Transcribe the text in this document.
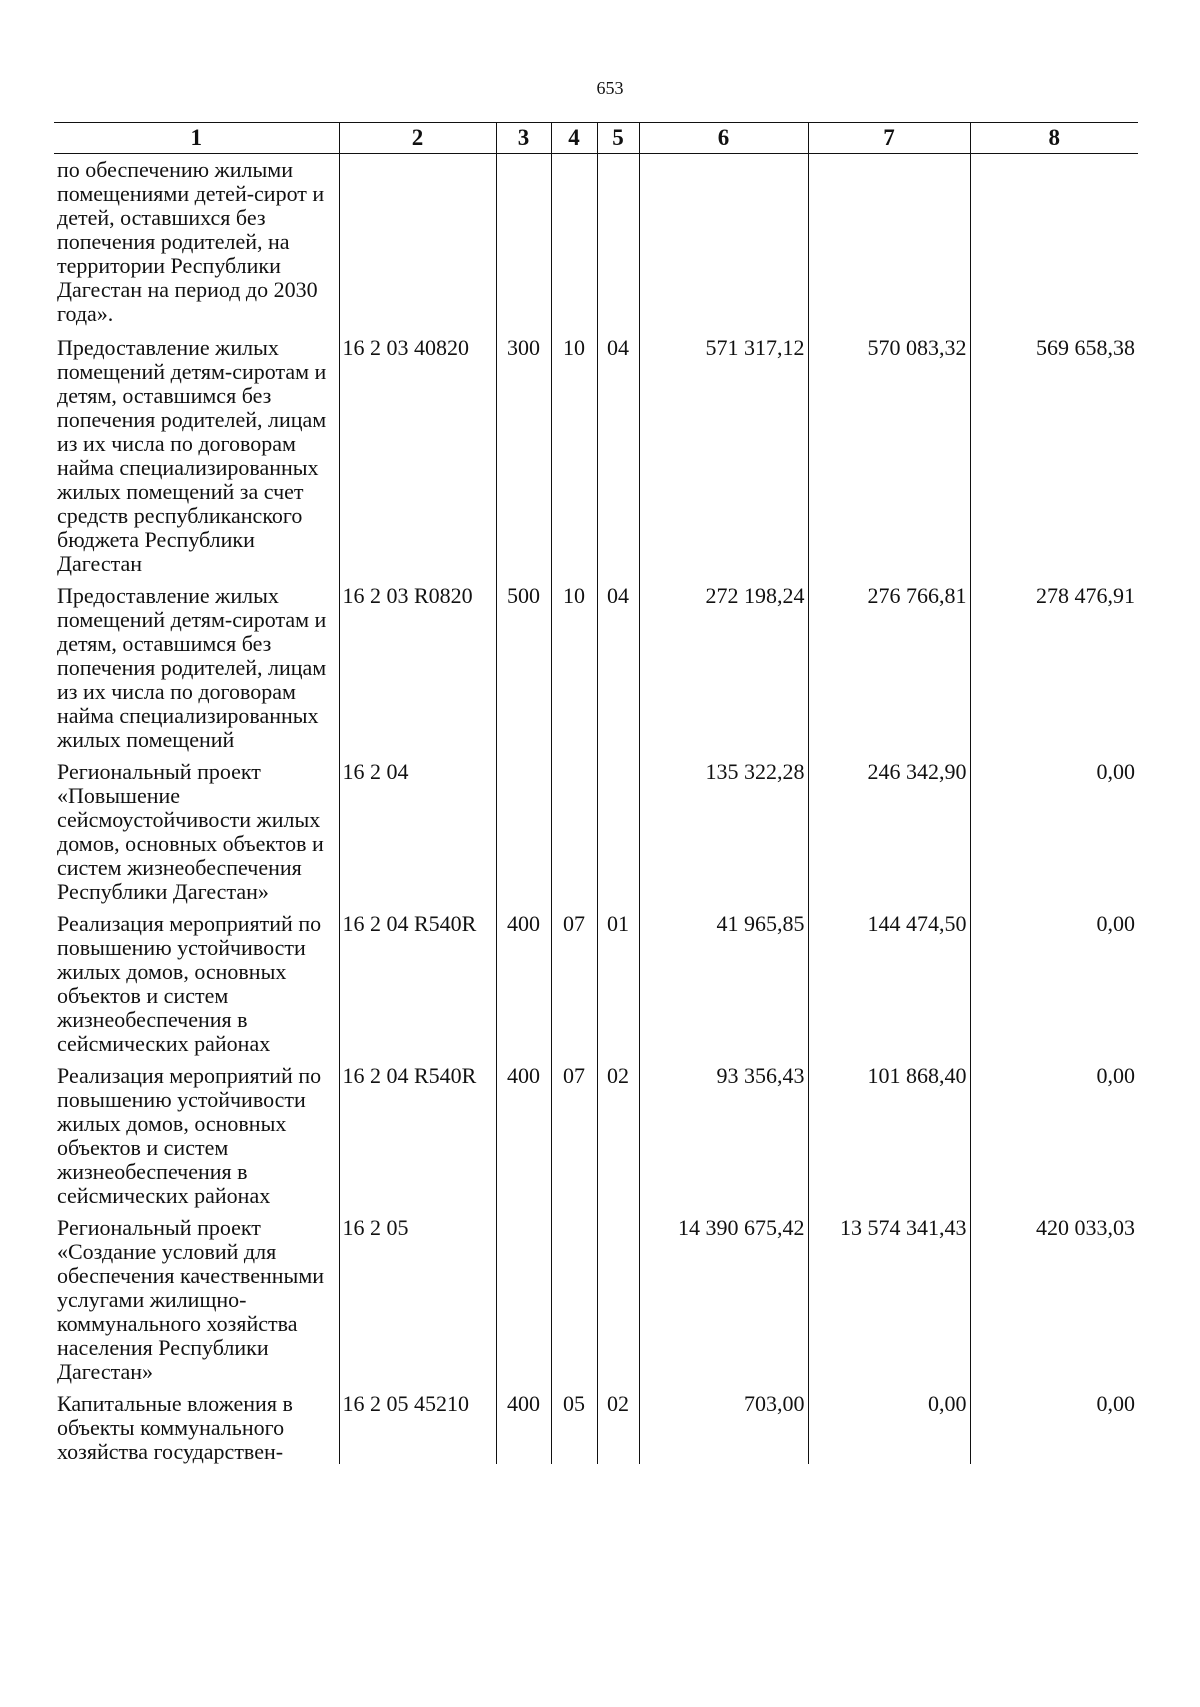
653
1	2	3	4	5	6	7	8
по обеспечению жилыми помещениями детей-сирот и детей, оставшихся без попечения родителей, на территории Республики Дагестан на период до 2030 года».							
Предоставление жилых помещений детям-сиротам и детям, оставшимся без попечения родителей, лицам из их числа по договорам найма специализированных жилых помещений за счет средств республиканского бюджета Республики Дагестан	16 2 03 40820	300	10	04	571 317,12	570 083,32	569 658,38
Предоставление жилых помещений детям-сиротам и детям, оставшимся без попечения родителей, лицам из их числа по договорам найма специализированных жилых помещений	16 2 03 R0820	500	10	04	272 198,24	276 766,81	278 476,91
Региональный проект «Повышение сейсмоустойчивости жилых домов, основных объектов и систем жизнеобеспечения Республики Дагестан»	16 2 04				135 322,28	246 342,90	0,00
Реализация мероприятий по повышению устойчивости жилых домов, основных объектов и систем жизнеобеспечения в сейсмических районах	16 2 04 R540R	400	07	01	41 965,85	144 474,50	0,00
Реализация мероприятий по повышению устойчивости жилых домов, основных объектов и систем жизнеобеспечения в сейсмических районах	16 2 04 R540R	400	07	02	93 356,43	101 868,40	0,00
Региональный проект «Создание условий для обеспечения качественными услугами жилищно-коммунального хозяйства населения Республики Дагестан»	16 2 05				14 390 675,42	13 574 341,43	420 033,03
Капитальные вложения в объекты коммунального хозяйства государствен-	16 2 05 45210	400	05	02	703,00	0,00	0,00
